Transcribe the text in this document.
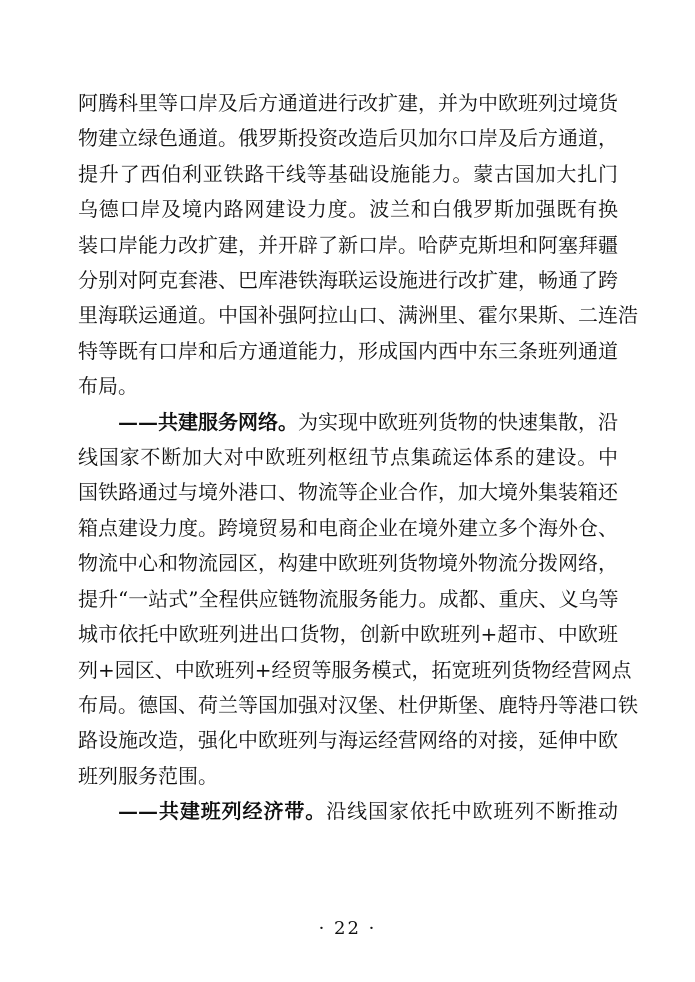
阿腾科里等口岸及后方通道进行改扩建，并为中欧班列过境货
物建立绿色通道。俄罗斯投资改造后贝加尔口岸及后方通道，
提升了西伯利亚铁路干线等基础设施能力。蒙古国加大扎门
乌德口岸及境内路网建设力度。波兰和白俄罗斯加强既有换
装口岸能力改扩建，并开辟了新口岸。哈萨克斯坦和阿塞拜疆
分别对阿克套港、巴库港铁海联运设施进行改扩建，畅通了跨
里海联运通道。中国补强阿拉山口、满洲里、霍尔果斯、二连浩
特等既有口岸和后方通道能力，形成国内西中东三条班列通道
布局。

——共建服务网络。为实现中欧班列货物的快速集散，沿
线国家不断加大对中欧班列枢纽节点集疏运体系的建设。中
国铁路通过与境外港口、物流等企业合作，加大境外集装箱还
箱点建设力度。跨境贸易和电商企业在境外建立多个海外仓、
物流中心和物流园区，构建中欧班列货物境外物流分拨网络，
提升“一站式”全程供应链物流服务能力。成都、重庆、义乌等
城市依托中欧班列进出口货物，创新中欧班列+超市、中欧班
列+园区、中欧班列+经贸等服务模式，拓宽班列货物经营网点
布局。德国、荷兰等国加强对汉堡、杜伊斯堡、鹿特丹等港口铁
路设施改造，强化中欧班列与海运经营网络的对接，延伸中欧
班列服务范围。

——共建班列经济带。沿线国家依托中欧班列不断推动

· 22 ·
